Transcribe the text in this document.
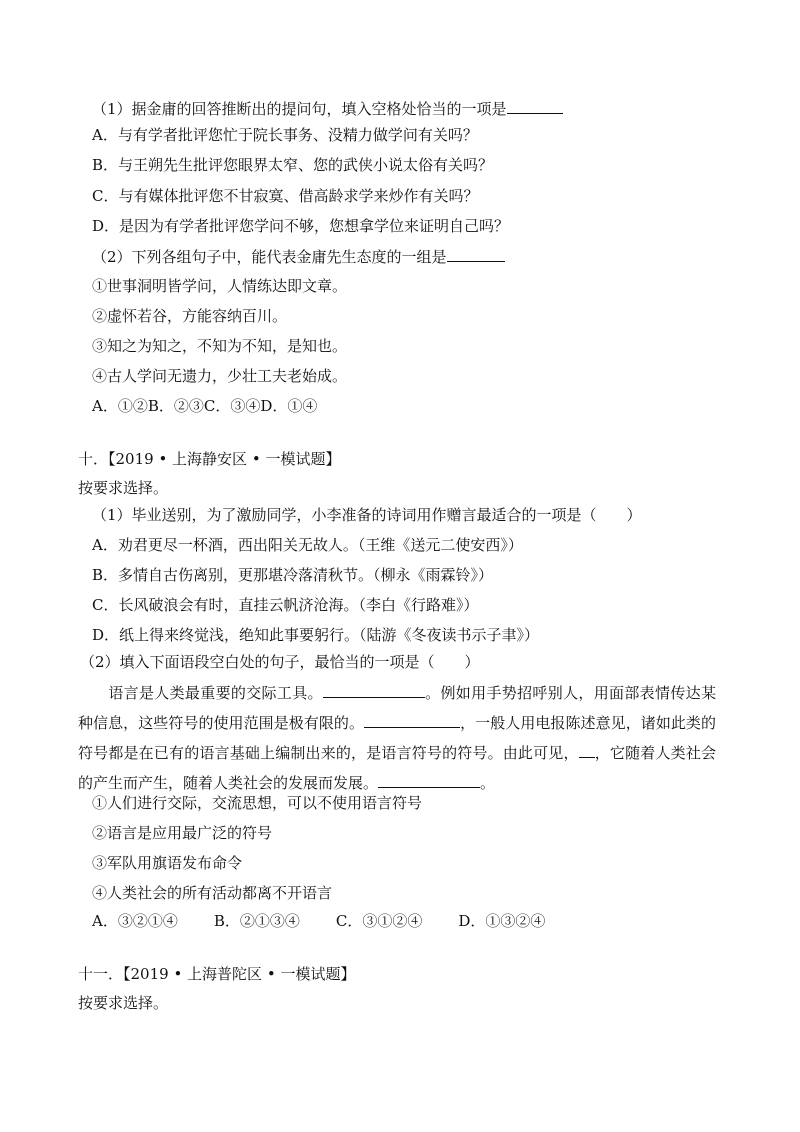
（1）据金庸的回答推断出的提问句，填入空格处恰当的一项是
A．与有学者批评您忙于院长事务、没精力做学问有关吗？
B．与王朔先生批评您眼界太窄、您的武侠小说太俗有关吗？
C．与有媒体批评您不甘寂寞、借高龄求学来炒作有关吗？
D．是因为有学者批评您学问不够，您想拿学位来证明自己吗？
（2）下列各组句子中，能代表金庸先生态度的一组是
①世事洞明皆学问，人情练达即文章。
②虚怀若谷，方能容纳百川。
③知之为知之，不知为不知，是知也。
④古人学问无遗力，少壮工夫老始成。
A．①②B．②③C．③④D．①④
十．【2019 • 上海静安区 • 一模试题】
按要求选择。
（1）毕业送别，为了激励同学，小李准备的诗词用作赠言最适合的一项是（　　）
A．劝君更尽一杯酒，西出阳关无故人。（王维《送元二使安西》）
B．多情自古伤离别，更那堪冷落清秋节。（柳永《雨霖铃》）
C．长风破浪会有时，直挂云帆济沧海。（李白《行路难》）
D．纸上得来终觉浅，绝知此事要躬行。（陆游《冬夜读书示子聿》）
（2）填入下面语段空白处的句子，最恰当的一项是（　　）
语言是人类最重要的交际工具。	。例如用手势招呼别人，用面部表情传达某种信息，这些符号的使用范围是极有限的。	，一般人用电报陈述意见，诸如此类的符号都是在已有的语言基础上编制出来的，是语言符号的符号。由此可见， ，它随着人类社会的产生而产生，随着人类社会的发展而发展。	。
①人们进行交际，交流思想，可以不使用语言符号
②语言是应用最广泛的符号
③军队用旗语发布命令
④人类社会的所有活动都离不开语言
A．③②①④ B．②①③④ C．③①②④ D．①③②④
十一．【2019 • 上海普陀区 • 一模试题】
按要求选择。
